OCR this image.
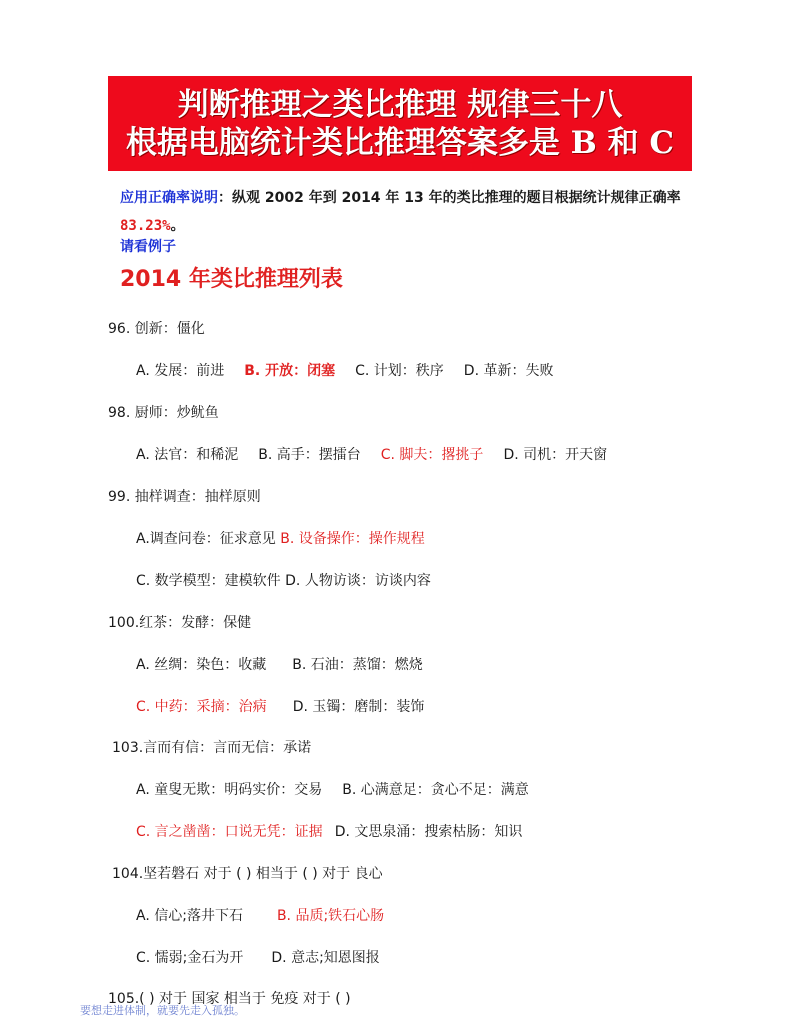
判断推理之类比推理 规律三十八
根据电脑统计类比推理答案多是 B 和 C
应用正确率说明：纵观 2002 年到 2014 年 13 年的类比推理的题目根据统计规律正确率 83.23%。
请看例子
2014 年类比推理列表
96. 创新：僵化
A. 发展：前进 B. 开放：闭塞 C. 计划：秩序 D. 革新：失败
98. 厨师：炒鱿鱼
A. 法官：和稀泥 B. 高手：摆擂台 C. 脚夫：撂挑子 D. 司机：开天窗
99. 抽样调查：抽样原则
A.调查问卷：征求意见 B. 设备操作：操作规程
C. 数学模型：建模软件 D. 人物访谈：访谈内容
100.红茶：发酵：保健
A. 丝绸：染色：收藏 B. 石油：蒸馏：燃烧
C. 中药：采摘：治病 D. 玉镯：磨制：装饰
103.言而有信：言而无信：承诺
A. 童叟无欺：明码实价：交易 B. 心满意足：贪心不足：满意
C. 言之凿凿：口说无凭：证据 D. 文思泉涌：搜索枯肠：知识
104.坚若磐石 对于 ( ) 相当于 ( ) 对于 良心
A. 信心;落井下石 B. 品质;铁石心肠
C. 懦弱;金石为开 D. 意志;知恩图报
105.( ) 对于 国家 相当于 免疫 对于 ( )
要想走进体制，就要先走入孤独。
